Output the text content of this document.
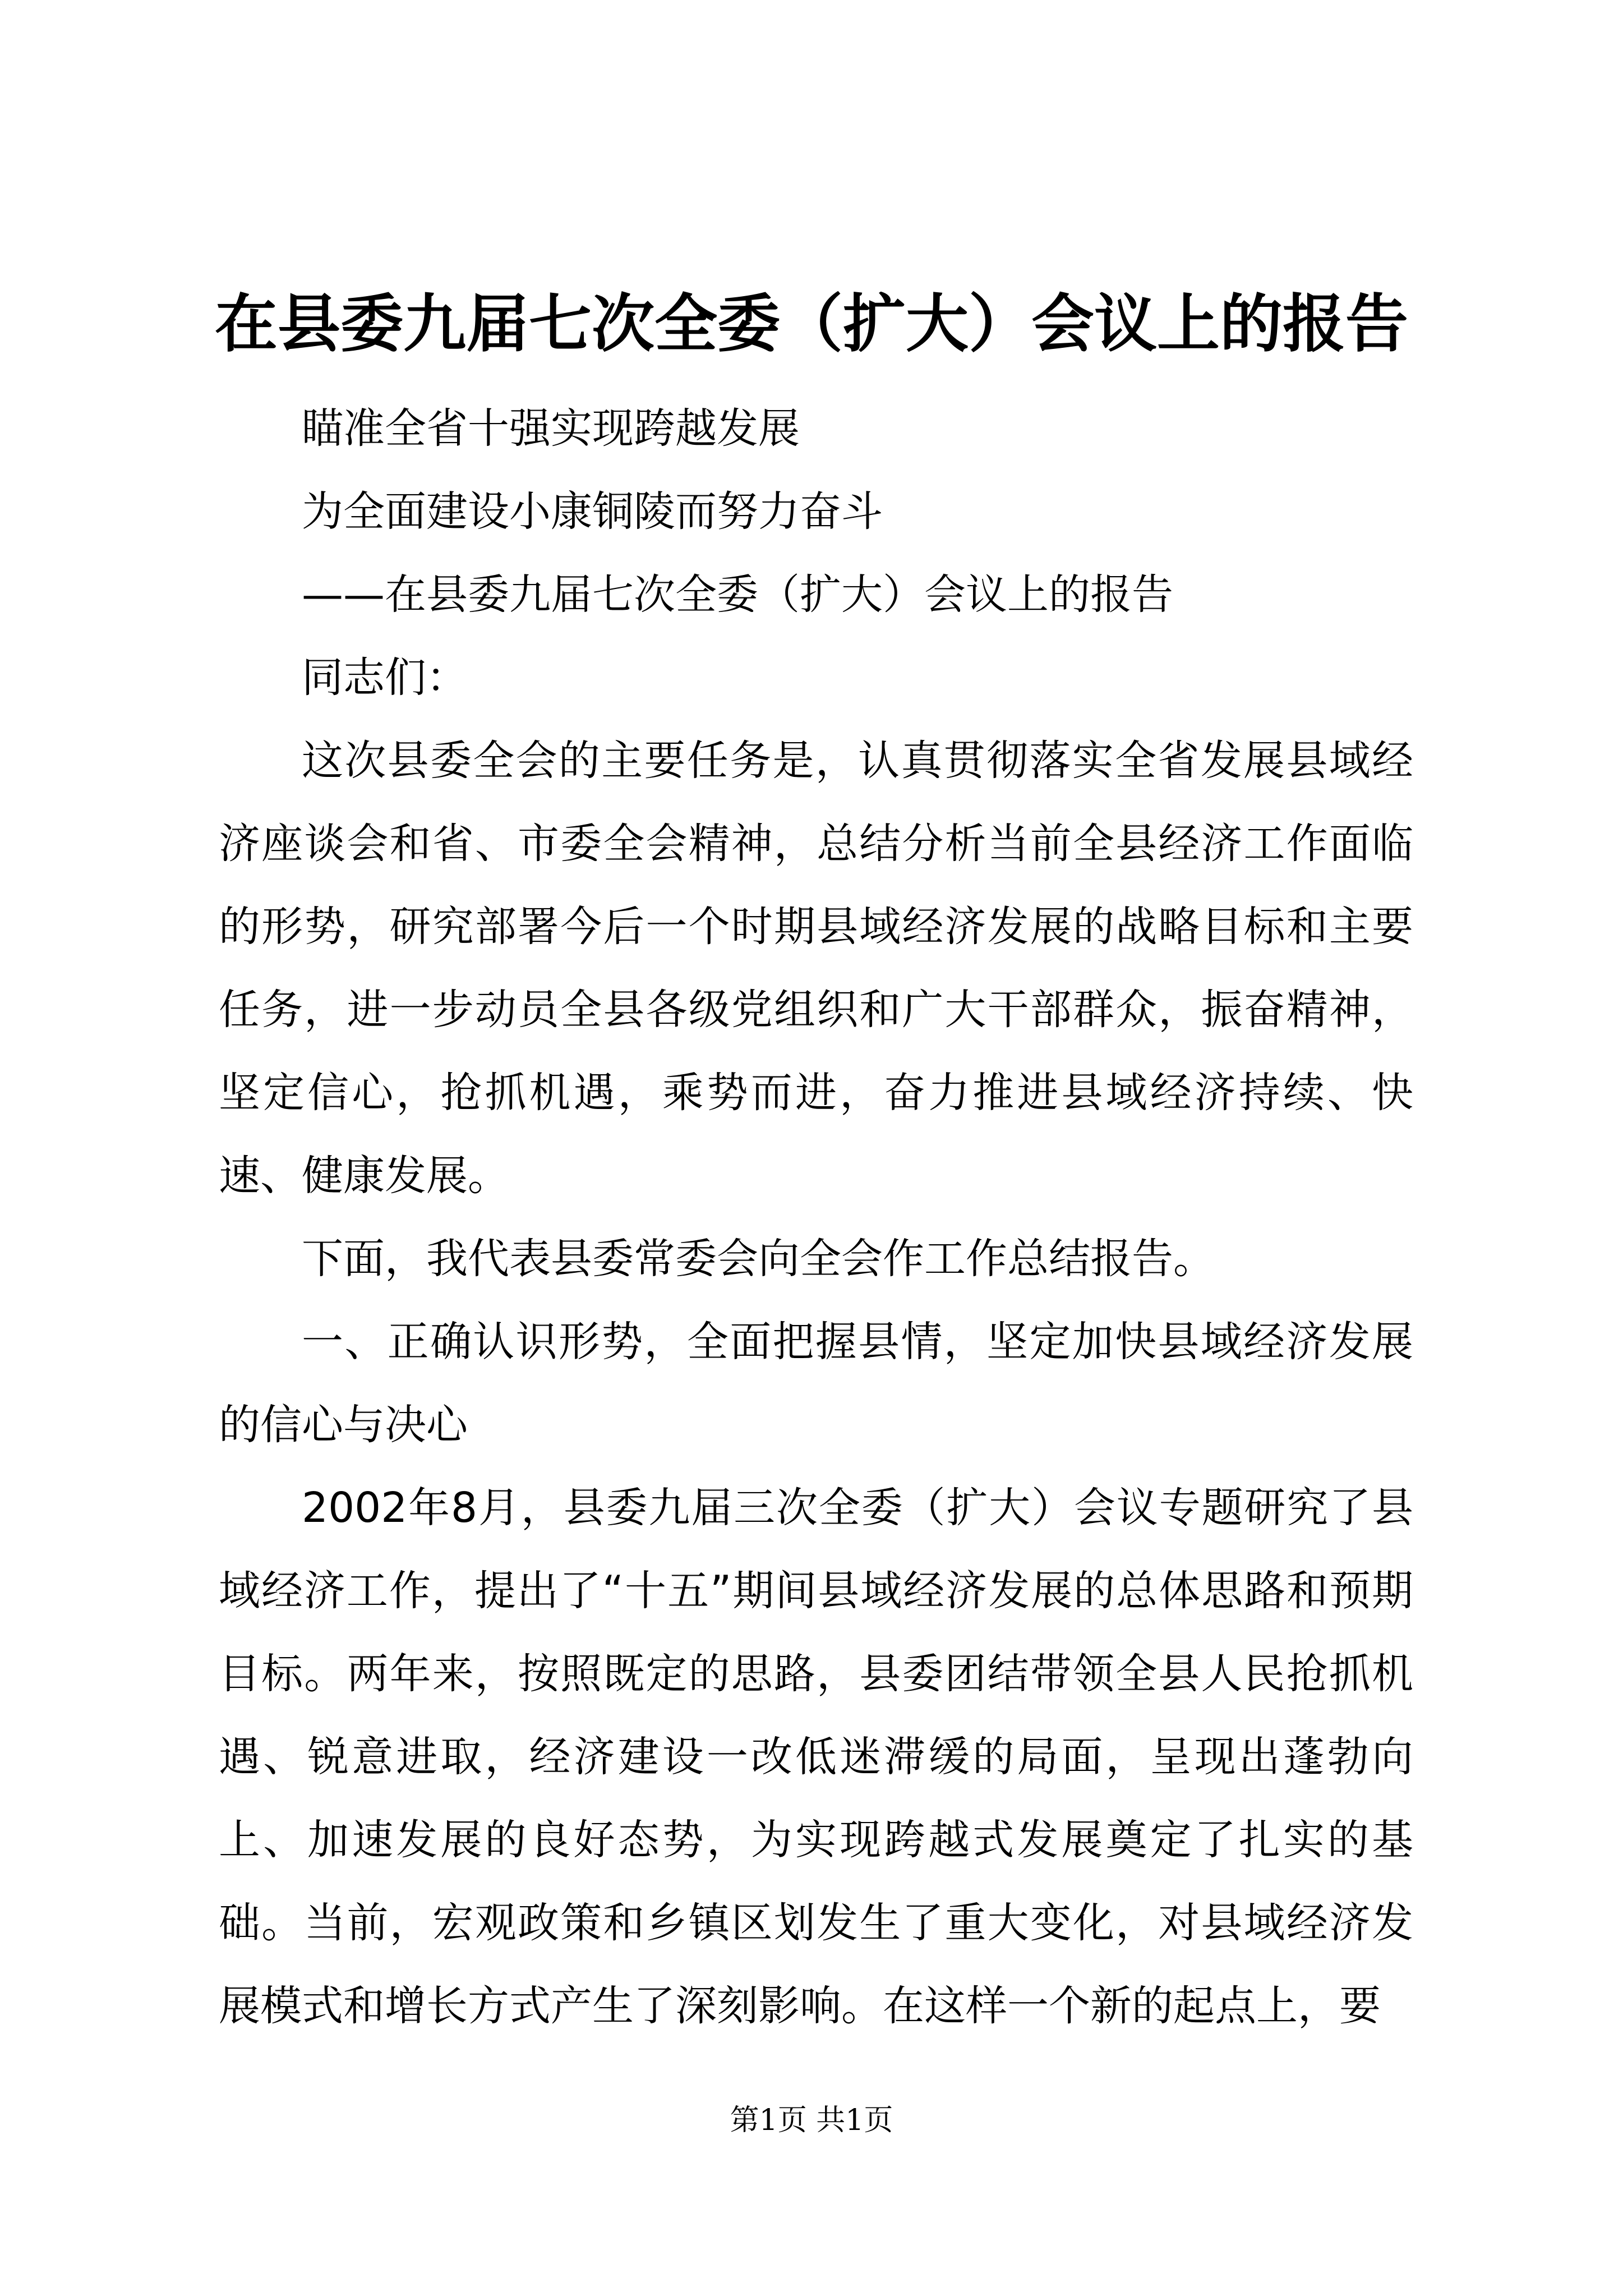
在县委九届七次全委（扩大）会议上的报告

瞄准全省十强实现跨越发展

为全面建设小康铜陵而努力奋斗

——在县委九届七次全委（扩大）会议上的报告

同志们：

这次县委全会的主要任务是，认真贯彻落实全省发展县域经济座谈会和省、市委全会精神，总结分析当前全县经济工作面临的形势，研究部署今后一个时期县域经济发展的战略目标和主要任务，进一步动员全县各级党组织和广大干部群众，振奋精神，坚定信心，抢抓机遇，乘势而进，奋力推进县域经济持续、快速、健康发展。

下面，我代表县委常委会向全会作工作总结报告。

一、正确认识形势，全面把握县情，坚定加快县域经济发展的信心与决心

2002年8月，县委九届三次全委（扩大）会议专题研究了县域经济工作，提出了“十五”期间县域经济发展的总体思路和预期目标。两年来，按照既定的思路，县委团结带领全县人民抢抓机遇、锐意进取，经济建设一改低迷滞缓的局面，呈现出蓬勃向上、加速发展的良好态势，为实现跨越式发展奠定了扎实的基础。当前，宏观政策和乡镇区划发生了重大变化，对县域经济发展模式和增长方式产生了深刻影响。在这样一个新的起点上，要

第1页 共1页
